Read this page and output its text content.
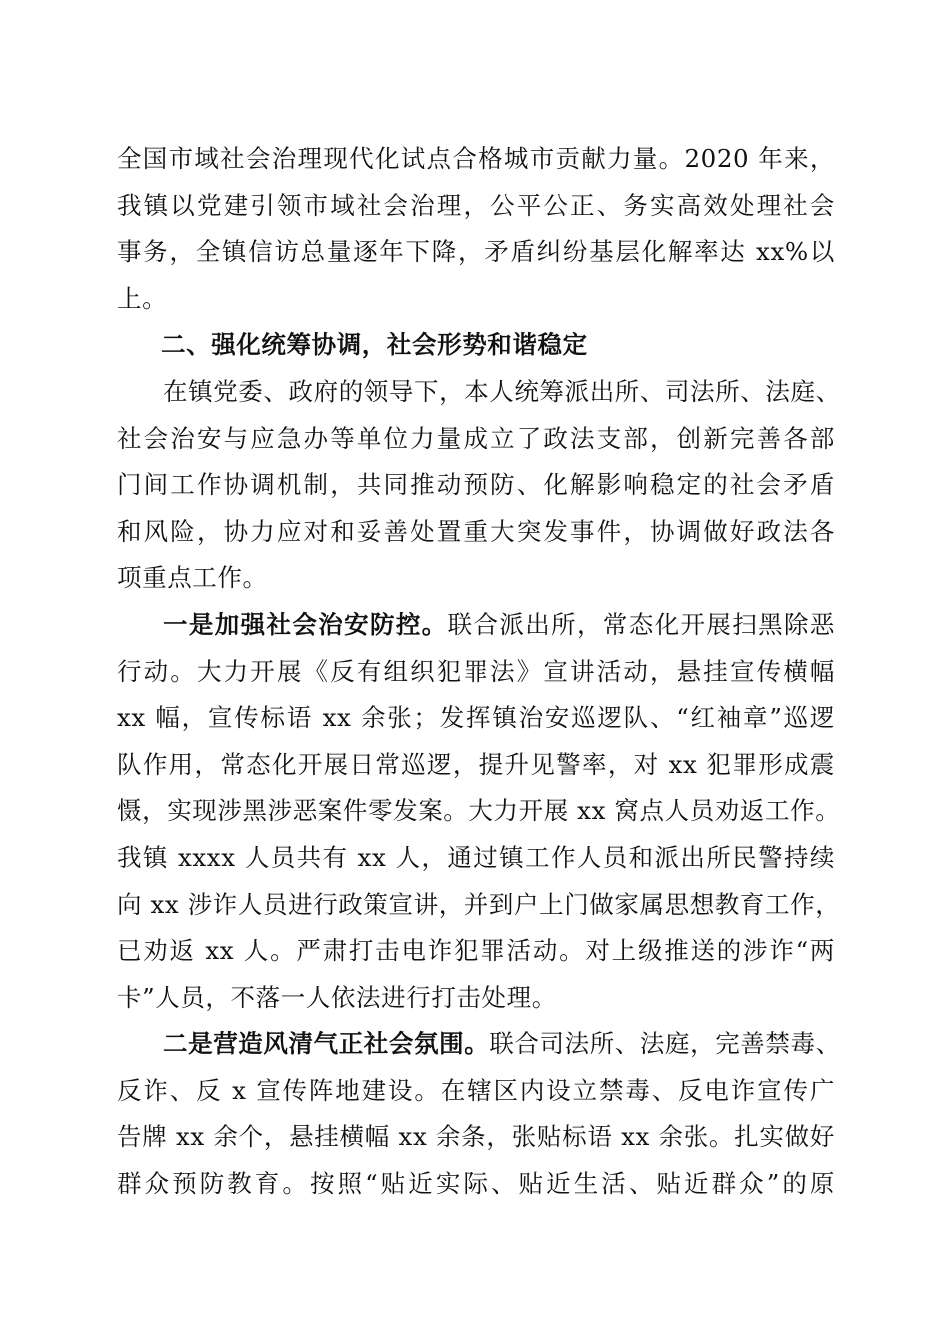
全国市域社会治理现代化试点合格城市贡献力量。2020 年来，
我镇以党建引领市域社会治理，公平公正、务实高效处理社会
事务，全镇信访总量逐年下降，矛盾纠纷基层化解率达 xx%以
上。
二、强化统筹协调，社会形势和谐稳定
在镇党委、政府的领导下，本人统筹派出所、司法所、法庭、
社会治安与应急办等单位力量成立了政法支部，创新完善各部
门间工作协调机制，共同推动预防、化解影响稳定的社会矛盾
和风险，协力应对和妥善处置重大突发事件，协调做好政法各
项重点工作。
一是加强社会治安防控。联合派出所，常态化开展扫黑除恶
行动。大力开展《反有组织犯罪法》宣讲活动，悬挂宣传横幅
xx 幅，宣传标语 xx 余张；发挥镇治安巡逻队、“红袖章”巡逻
队作用，常态化开展日常巡逻，提升见警率，对 xx 犯罪形成震
慑，实现涉黑涉恶案件零发案。大力开展 xx 窝点人员劝返工作。
我镇 xxxx 人员共有 xx 人，通过镇工作人员和派出所民警持续
向 xx 涉诈人员进行政策宣讲，并到户上门做家属思想教育工作，
已劝返 xx 人。严肃打击电诈犯罪活动。对上级推送的涉诈“两
卡”人员，不落一人依法进行打击处理。
二是营造风清气正社会氛围。联合司法所、法庭，完善禁毒、
反诈、反 x 宣传阵地建设。在辖区内设立禁毒、反电诈宣传广
告牌 xx 余个，悬挂横幅 xx 余条，张贴标语 xx 余张。扎实做好
群众预防教育。按照“贴近实际、贴近生活、贴近群众”的原
